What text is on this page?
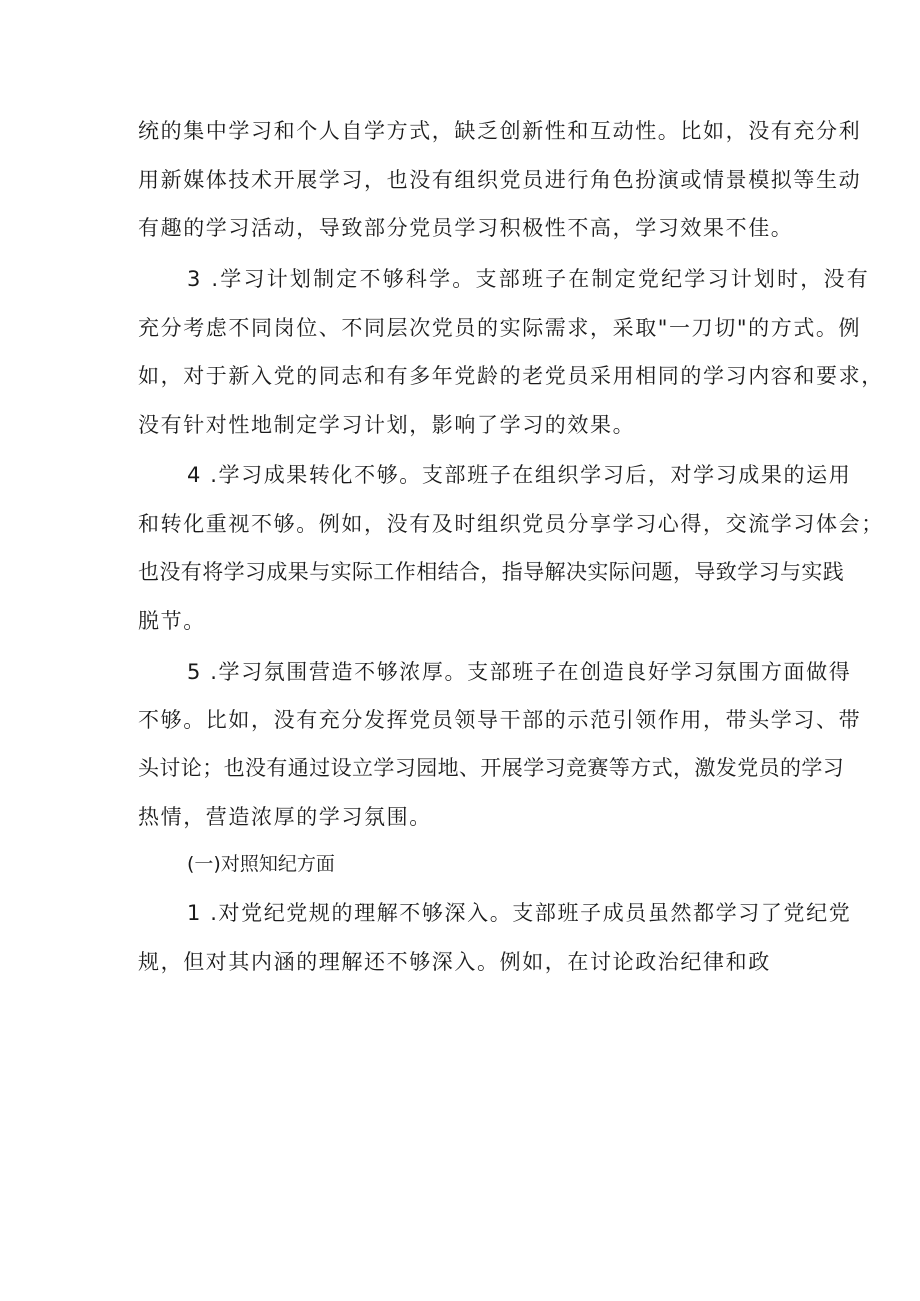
统的集中学习和个人自学方式，缺乏创新性和互动性。比如，没有充分利

用新媒体技术开展学习，也没有组织党员进行角色扮演或情景模拟等生动

有趣的学习活动，导致部分党员学习积极性不高，学习效果不佳。

3 .学习计划制定不够科学。支部班子在制定党纪学习计划时，没有

充分考虑不同岗位、不同层次党员的实际需求，采取"一刀切"的方式。例

如，对于新入党的同志和有多年党龄的老党员采用相同的学习内容和要求，

没有针对性地制定学习计划，影响了学习的效果。

4 .学习成果转化不够。支部班子在组织学习后，对学习成果的运用

和转化重视不够。例如，没有及时组织党员分享学习心得，交流学习体会；

也没有将学习成果与实际工作相结合，指导解决实际问题，导致学习与实践

脱节。

5 .学习氛围营造不够浓厚。支部班子在创造良好学习氛围方面做得

不够。比如，没有充分发挥党员领导干部的示范引领作用，带头学习、带

头讨论；也没有通过设立学习园地、开展学习竞赛等方式，激发党员的学习

热情，营造浓厚的学习氛围。

(一)对照知纪方面

1 .对党纪党规的理解不够深入。支部班子成员虽然都学习了党纪党

规，但对其内涵的理解还不够深入。例如，在讨论政治纪律和政
